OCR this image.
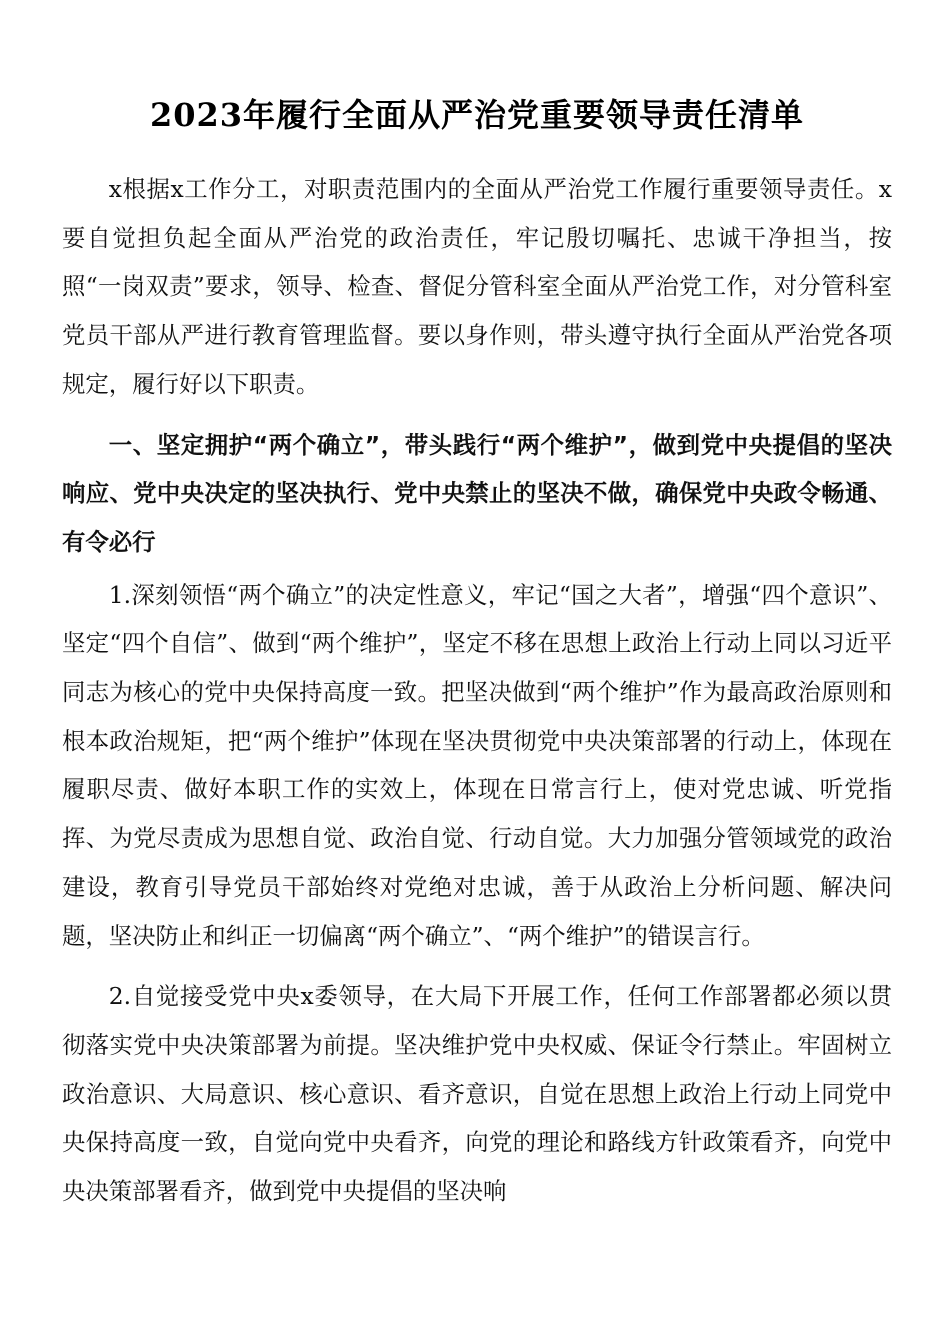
2023年履行全面从严治党重要领导责任清单

x根据x工作分工，对职责范围内的全面从严治党工作履行重要领导责任。x要自觉担负起全面从严治党的政治责任，牢记殷切嘱托、忠诚干净担当，按照“一岗双责”要求，领导、检查、督促分管科室全面从严治党工作，对分管科室党员干部从严进行教育管理监督。要以身作则，带头遵守执行全面从严治党各项规定，履行好以下职责。

一、坚定拥护“两个确立”，带头践行“两个维护”，做到党中央提倡的坚决响应、党中央决定的坚决执行、党中央禁止的坚决不做，确保党中央政令畅通、有令必行

1.深刻领悟“两个确立”的决定性意义，牢记“国之大者”，增强“四个意识”、坚定“四个自信”、做到“两个维护”，坚定不移在思想上政治上行动上同以习近平同志为核心的党中央保持高度一致。把坚决做到“两个维护”作为最高政治原则和根本政治规矩，把“两个维护”体现在坚决贯彻党中央决策部署的行动上，体现在履职尽责、做好本职工作的实效上，体现在日常言行上，使对党忠诚、听党指挥、为党尽责成为思想自觉、政治自觉、行动自觉。大力加强分管领域党的政治建设，教育引导党员干部始终对党绝对忠诚，善于从政治上分析问题、解决问题，坚决防止和纠正一切偏离“两个确立”、“两个维护”的错误言行。

2.自觉接受党中央x委领导，在大局下开展工作，任何工作部署都必须以贯彻落实党中央决策部署为前提。坚决维护党中央权威、保证令行禁止。牢固树立政治意识、大局意识、核心意识、看齐意识，自觉在思想上政治上行动上同党中央保持高度一致，自觉向党中央看齐，向党的理论和路线方针政策看齐，向党中央决策部署看齐，做到党中央提倡的坚决响
